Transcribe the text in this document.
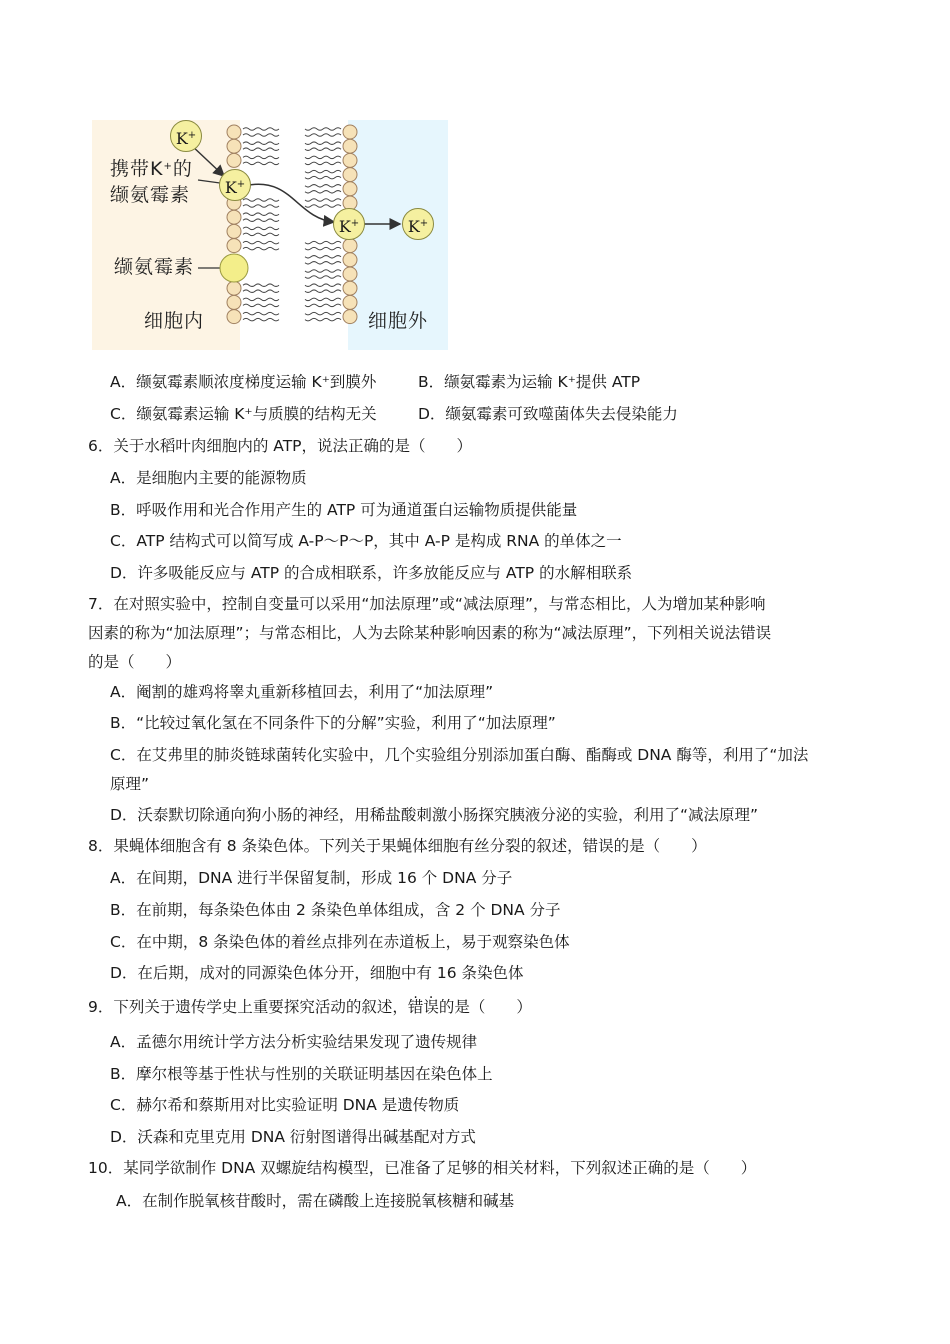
K+
K+
K+	K+
携带K+的
缬氨霉素
缬氨霉素
细胞内	细胞外
A．缬氨霉素顺浓度梯度运输 K⁺到膜外	B．缬氨霉素为运输 K⁺提供 ATP
C．缬氨霉素运输 K⁺与质膜的结构无关	D．缬氨霉素可致噬菌体失去侵染能力
6．关于水稻叶肉细胞内的 ATP，说法正确的是（　　）
A．是细胞内主要的能源物质
B．呼吸作用和光合作用产生的 ATP 可为通道蛋白运输物质提供能量
C．ATP 结构式可以简写成 A-P～P～P，其中 A-P 是构成 RNA 的单体之一
D．许多吸能反应与 ATP 的合成相联系，许多放能反应与 ATP 的水解相联系
7．在对照实验中，控制自变量可以采用“加法原理”或“减法原理”，与常态相比，人为增加某种影响
因素的称为“加法原理”；与常态相比，人为去除某种影响因素的称为“减法原理”，下列相关说法错误
的是（　　）
A．阉割的雄鸡将睾丸重新移植回去，利用了“加法原理”
B．“比较过氧化氢在不同条件下的分解”实验，利用了“加法原理”
C．在艾弗里的肺炎链球菌转化实验中，几个实验组分别添加蛋白酶、酯酶或 DNA 酶等，利用了“加法
原理”
D．沃泰默切除通向狗小肠的神经，用稀盐酸刺激小肠探究胰液分泌的实验，利用了“减法原理”
8．果蝇体细胞含有 8 条染色体。下列关于果蝇体细胞有丝分裂的叙述，错误的是（　　）
A．在间期，DNA 进行半保留复制，形成 16 个 DNA 分子
B．在前期，每条染色体由 2 条染色单体组成，含 2 个 DNA 分子
C．在中期，8 条染色体的着丝点排列在赤道板上，易于观察染色体
D．在后期，成对的同源染色体分开，细胞中有 16 条染色体
9．下列关于遗传学史上重要探究活动的叙述，错误的是（　　）
A．孟德尔用统计学方法分析实验结果发现了遗传规律
B．摩尔根等基于性状与性别的关联证明基因在染色体上
C．赫尔希和蔡斯用对比实验证明 DNA 是遗传物质
D．沃森和克里克用 DNA 衍射图谱得出碱基配对方式
10．某同学欲制作 DNA 双螺旋结构模型，已准备了足够的相关材料，下列叙述正确的是（　　）
A．在制作脱氧核苷酸时，需在磷酸上连接脱氧核糖和碱基
